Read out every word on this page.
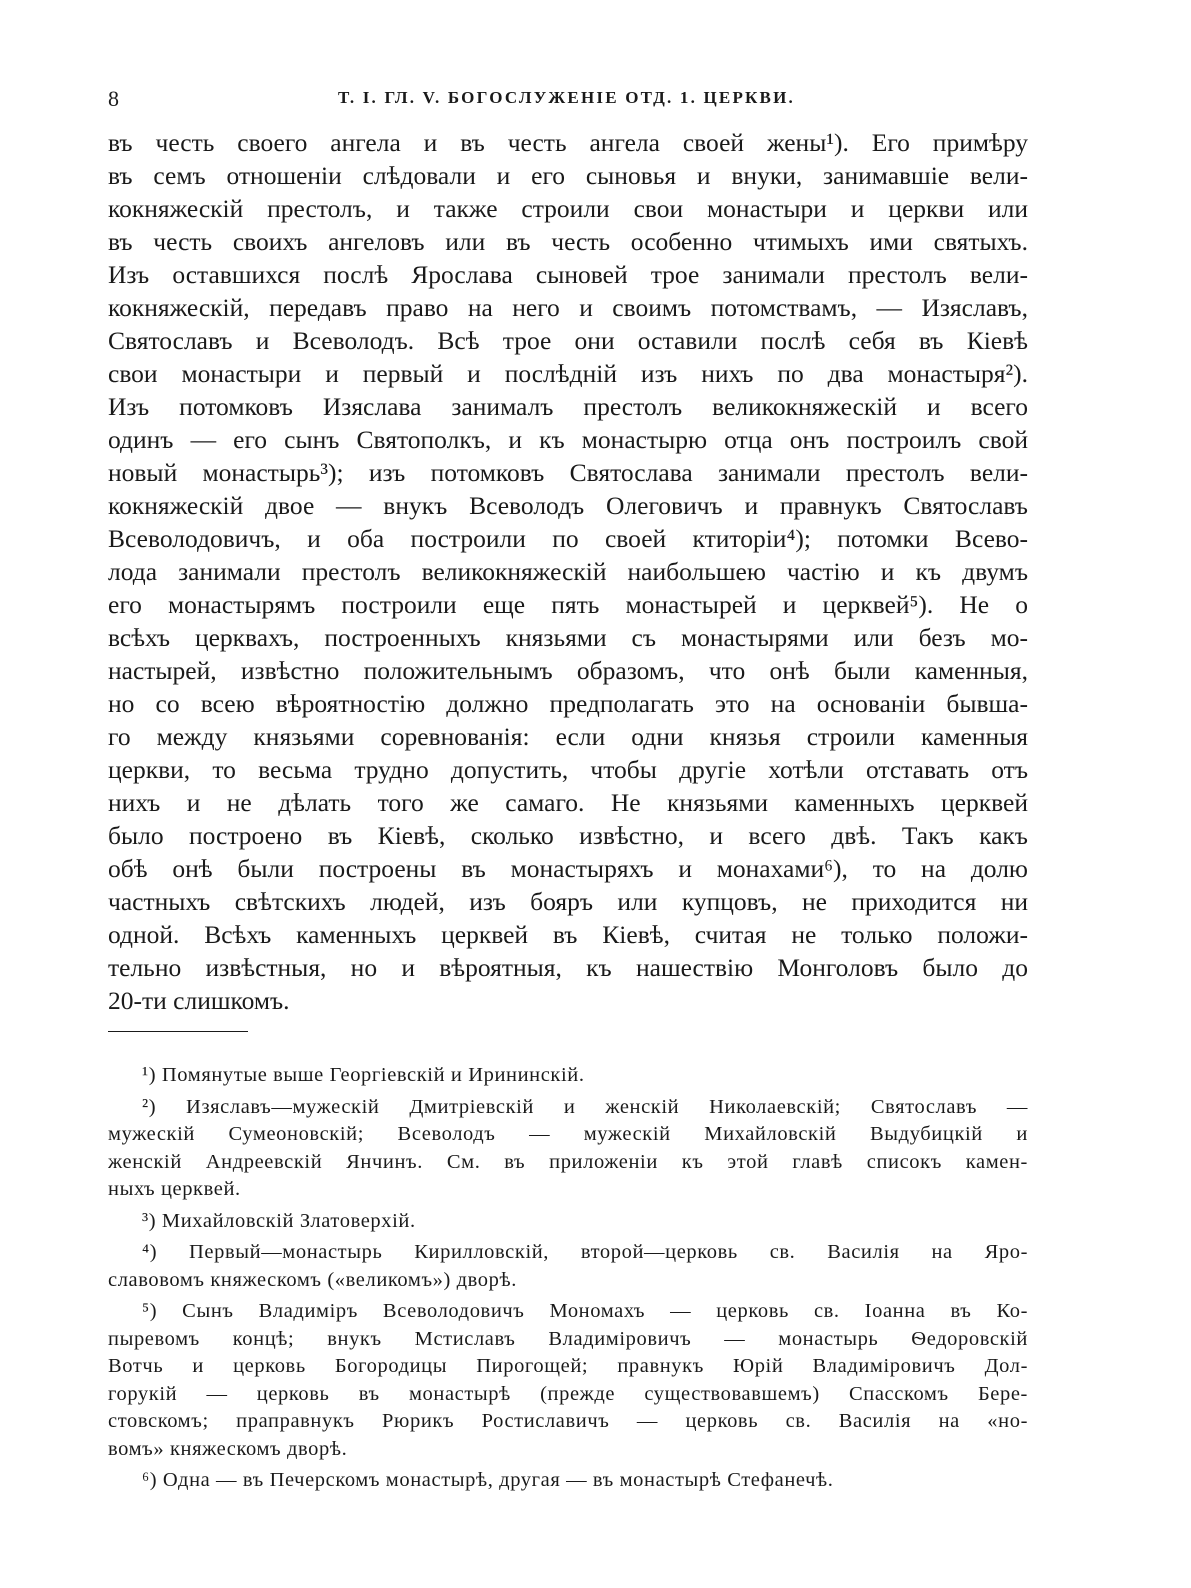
8	Т. I. ГЛ. V. БОГОСЛУЖЕНІЕ ОТД. 1. ЦЕРКВИ.
въ честь своего ангела и въ честь ангела своей жены¹). Его примѣру
въ семъ отношеніи слѣдовали и его сыновья и внуки, занимавшіе вели-
кокняжескій престолъ, и также строили свои монастыри и церкви или
въ честь своихъ ангеловъ или въ честь особенно чтимыхъ ими святыхъ.
Изъ оставшихся послѣ Ярослава сыновей трое занимали престолъ вели-
кокняжескій, передавъ право на него и своимъ потомствамъ, — Изяславъ,
Святославъ и Всеволодъ. Всѣ трое они оставили послѣ себя въ Кіевѣ
свои монастыри и первый и послѣдній изъ нихъ по два монастыря²).
Изъ потомковъ Изяслава занималъ престолъ великокняжескій и всего
одинъ — его сынъ Святополкъ, и къ монастырю отца онъ построилъ свой
новый монастырь³); изъ потомковъ Святослава занимали престолъ вели-
кокняжескій двое — внукъ Всеволодъ Олеговичъ и правнукъ Святославъ
Всеволодовичъ, и оба построили по своей ктиторіи⁴); потомки Всево-
лода занимали престолъ великокняжескій наибольшею частію и къ двумъ
его монастырямъ построили еще пять монастырей и церквей⁵). Не о
всѣхъ церквахъ, построенныхъ князьями съ монастырями или безъ мо-
настырей, извѣстно положительнымъ образомъ, что онѣ были каменныя,
но со всею вѣроятностію должно предполагать это на основаніи бывша-
го между князьями соревнованія: если одни князья строили каменныя
церкви, то весьма трудно допустить, чтобы другіе хотѣли отставать отъ
нихъ и не дѣлать того же самаго. Не князьями каменныхъ церквей
было построено въ Кіевѣ, сколько извѣстно, и всего двѣ. Такъ какъ
обѣ онѣ были построены въ монастыряхъ и монахами⁶), то на долю
частныхъ свѣтскихъ людей, изъ бояръ или купцовъ, не приходится ни
одной. Всѣхъ каменныхъ церквей въ Кіевѣ, считая не только положи-
тельно извѣстныя, но и вѣроятныя, къ нашествію Монголовъ было до
20-ти слишкомъ.
¹) Помянутые выше Георгіевскій и Ирининскій.
²) Изяславъ—мужескій Дмитріевскій и женскій Николаевскій; Святославъ —
мужескій Сумеоновскій; Всеволодъ — мужескій Михайловскій Выдубицкій и
женскій Андреевскій Янчинъ. См. въ приложеніи къ этой главѣ списокъ камен-
ныхъ церквей.
³) Михайловскій Златоверхій.
⁴) Первый—монастырь Кирилловскій, второй—церковь св. Василія на Яро-
славовомъ княжескомъ («великомъ») дворѣ.
⁵) Сынъ Владиміръ Всеволодовичъ Мономахъ — церковь св. Іоанна въ Ко-
пыревомъ концѣ; внукъ Мстиславъ Владиміровичъ — монастырь Ѳедоровскій
Вотчь и церковь Богородицы Пирогощей; правнукъ Юрій Владиміровичъ Дол-
горукій — церковь въ монастырѣ (прежде существовавшемъ) Спасскомъ Бере-
стовскомъ; праправнукъ Рюрикъ Ростиславичъ — церковь св. Василія на «но-
вомъ» княжескомъ дворѣ.
⁶) Одна — въ Печерскомъ монастырѣ, другая — въ монастырѣ Стефанечѣ.
